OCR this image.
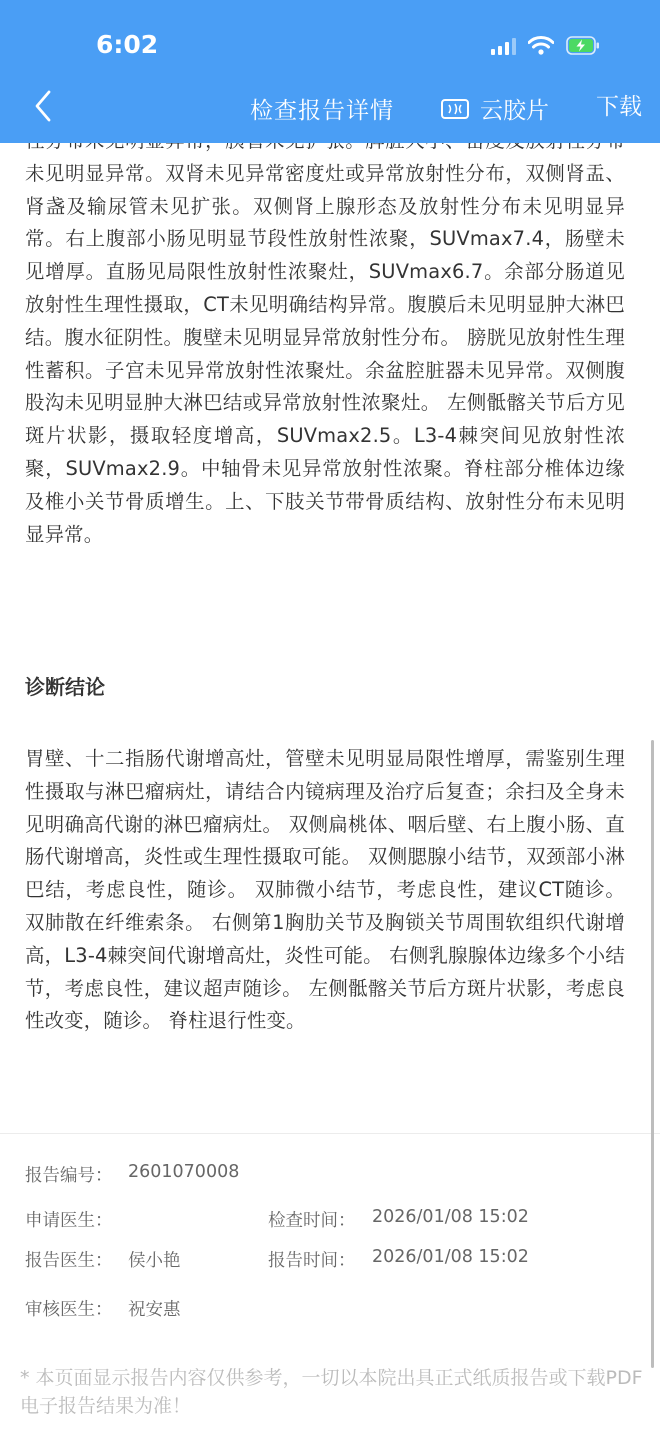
未见明显异常。双肾未见异常密度灶或异常放射性分布，双侧肾盂、肾盏及输尿管未见扩张。双侧肾上腺形态及放射性分布未见明显异常。右上腹部小肠见明显节段性放射性浓聚，SUVmax7.4，肠壁未见增厚。直肠见局限性放射性浓聚灶，SUVmax6.7。余部分肠道见放射性生理性摄取，CT未见明确结构异常。腹膜后未见明显肿大淋巴结。腹水征阴性。腹壁未见明显异常放射性分布。 膀胱见放射性生理性蓄积。子宫未见异常放射性浓聚灶。余盆腔脏器未见异常。双侧腹股沟未见明显肿大淋巴结或异常放射性浓聚灶。 左侧骶髂关节后方见斑片状影，摄取轻度增高，SUVmax2.5。L3-4棘突间见放射性浓聚，SUVmax2.9。中轴骨未见异常放射性浓聚。脊柱部分椎体边缘及椎小关节骨质增生。上、下肢关节带骨质结构、放射性分布未见明显异常。

诊断结论

胃壁、十二指肠代谢增高灶，管壁未见明显局限性增厚，需鉴别生理性摄取与淋巴瘤病灶，请结合内镜病理及治疗后复查；余扫及全身未见明确高代谢的淋巴瘤病灶。 双侧扁桃体、咽后壁、右上腹小肠、直肠代谢增高，炎性或生理性摄取可能。 双侧腮腺小结节，双颈部小淋巴结，考虑良性，随诊。 双肺微小结节，考虑良性，建议CT随诊。 双肺散在纤维索条。 右侧第1胸肋关节及胸锁关节周围软组织代谢增高，L3-4棘突间代谢增高灶，炎性可能。 右侧乳腺腺体边缘多个小结节，考虑良性，建议超声随诊。 左侧骶髂关节后方斑片状影，考虑良性改变，随诊。 脊柱退行性变。

报告编号： 2601070008
申请医生：	检查时间： 2026/01/08 15:02
报告医生： 侯小艳	报告时间： 2026/01/08 15:02
审核医生： 祝安惠

* 本页面显示报告内容仅供参考，一切以本院出具正式纸质报告或下载PDF电子报告结果为准！

6:02
检查报告详情	云胶片 下载
